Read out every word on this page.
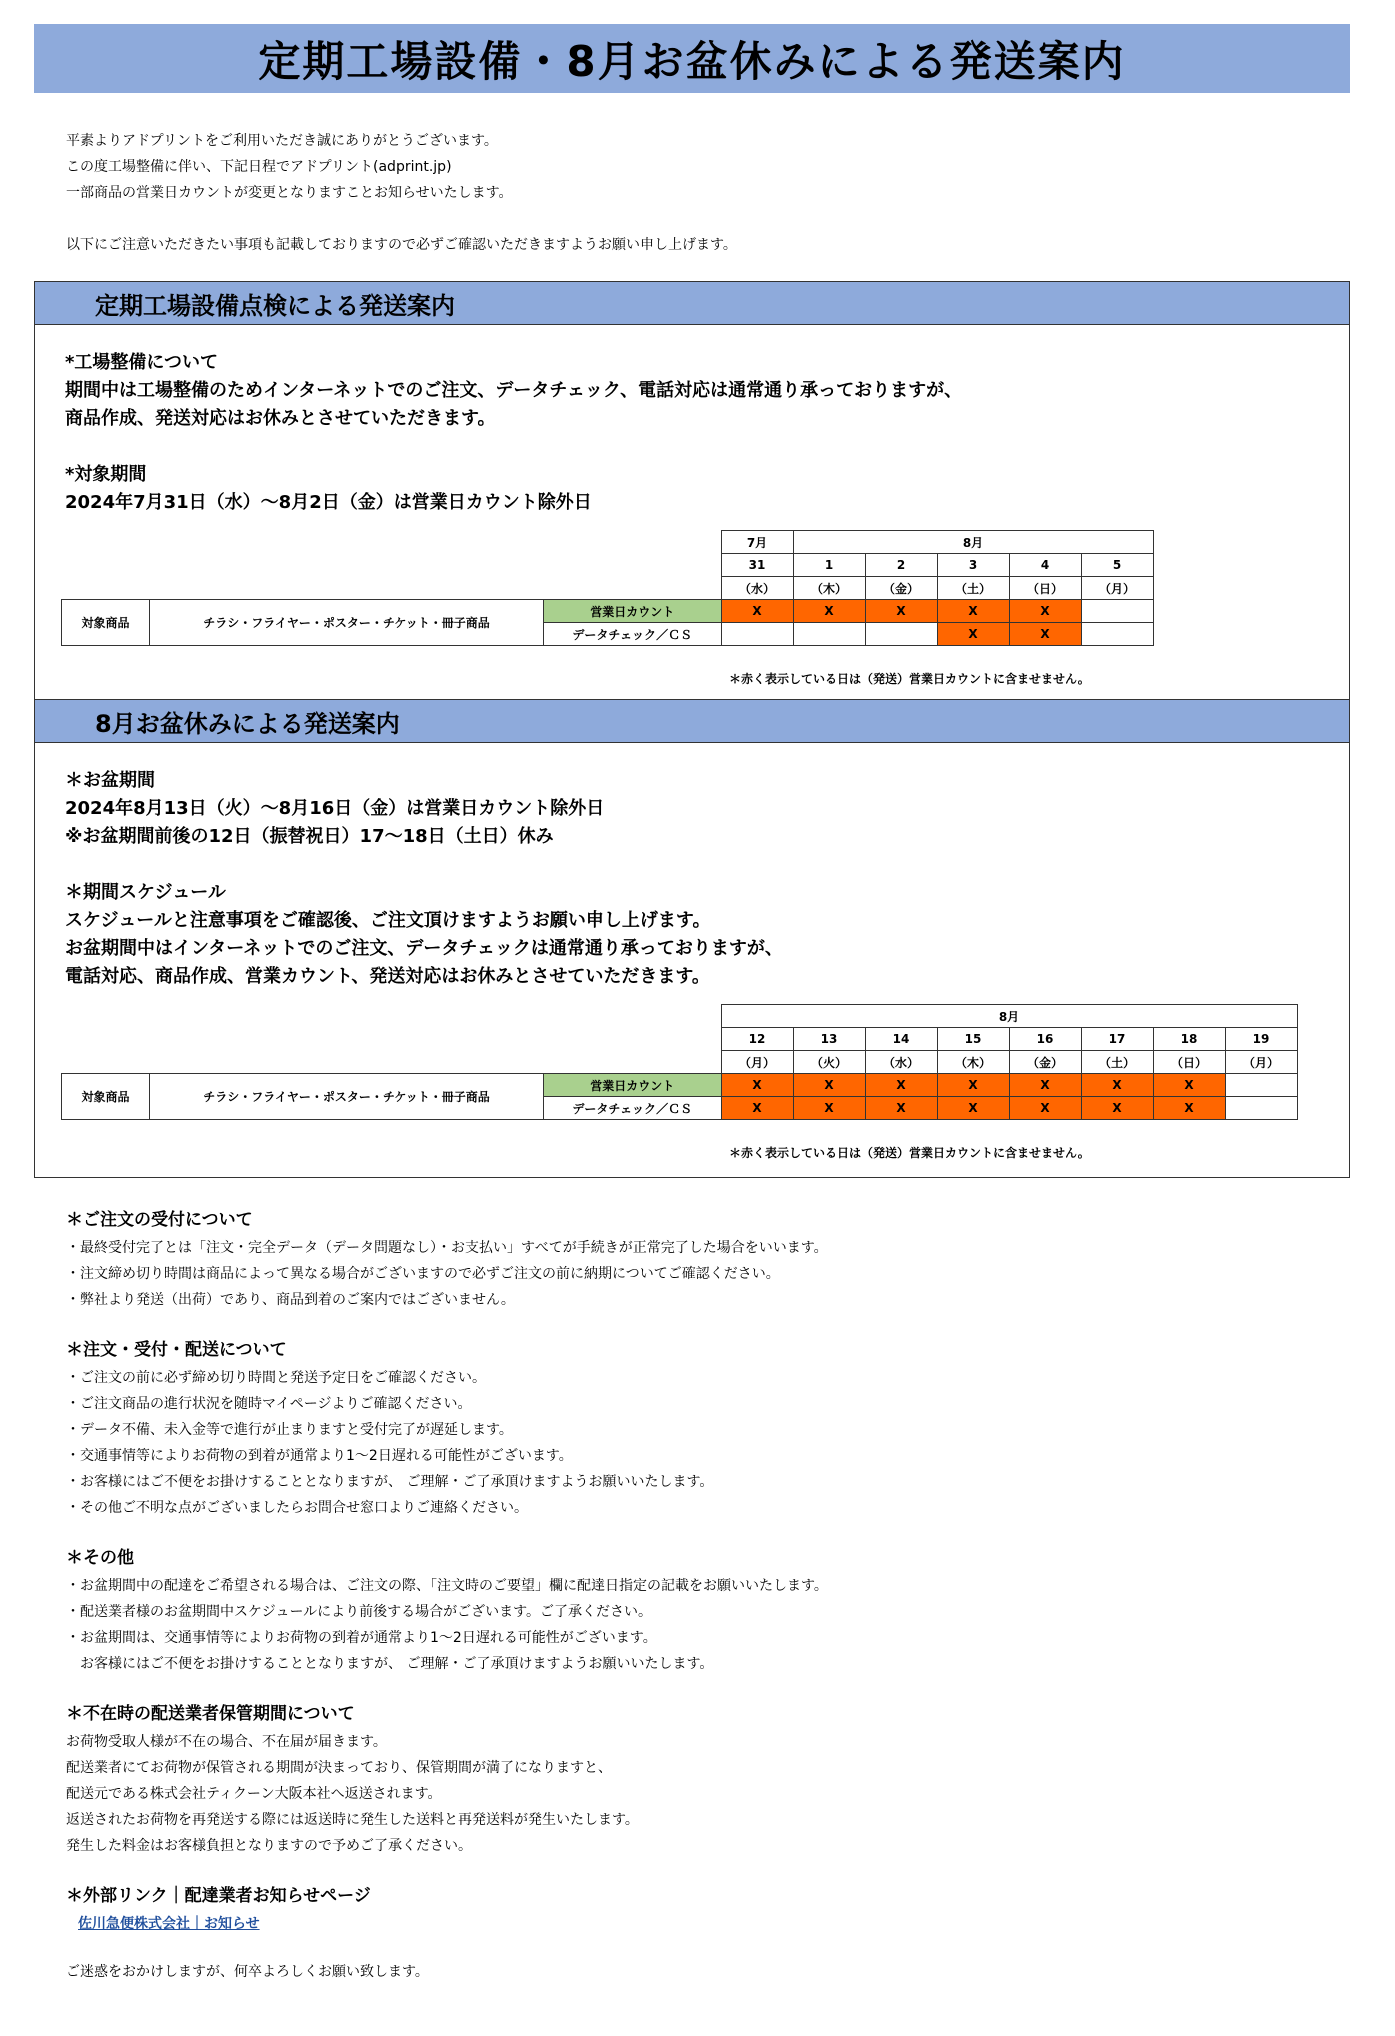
定期工場設備・8月お盆休みによる発送案内

平素よりアドプリントをご利用いただき誠にありがとうございます。

この度工場整備に伴い、下記日程でアドプリント(adprint.jp)

一部商品の営業日カウントが変更となりますことお知らせいたします。

以下にご注意いただきたい事項も記載しておりますので必ずご確認いただきますようお願い申し上げます。

定期工場設備点検による発送案内

*工場整備について

期間中は工場整備のためインターネットでのご注文、データチェック、電話対応は通常通り承っておりますが、

商品作成、発送対応はお休みとさせていただきます。

*対象期間

2024年7月31日（水）～8月2日（金）は営業日カウント除外日

			7月	8月				
			31	1	2	3	4	5
			（水）	（木）	（金）	（土）	（日）	（月）
対象商品	チラシ・フライヤー・ポスター・チケット・冊子商品	営業日カウント	X	X	X	X	X	
		データチェック／ＣＳ				X	X	
＊赤く表示している日は（発送）営業日カウントに含ませません。
8月お盆休みによる発送案内

＊お盆期間

2024年8月13日（火）～8月16日（金）は営業日カウント除外日

※お盆期間前後の12日（振替祝日）17～18日（土日）休み

＊期間スケジュール

スケジュールと注意事項をご確認後、ご注文頂けますようお願い申し上げます。

お盆期間中はインターネットでのご注文、データチェックは通常通り承っておりますが、

電話対応、商品作成、営業カウント、発送対応はお休みとさせていただきます。

			8月							
			12	13	14	15	16	17	18	19
			（月）	（火）	（水）	（木）	（金）	（土）	（日）	（月）
対象商品	チラシ・フライヤー・ポスター・チケット・冊子商品	営業日カウント	X	X	X	X	X	X	X	
		データチェック／ＣＳ	X	X	X	X	X	X	X	
＊赤く表示している日は（発送）営業日カウントに含ませません。

＊ご注文の受付について

・最終受付完了とは「注文・完全データ（データ問題なし）・お支払い」すべてが手続きが正常完了した場合をいいます。

・注文締め切り時間は商品によって異なる場合がございますので必ずご注文の前に納期についてご確認ください。

・弊社より発送（出荷）であり、商品到着のご案内ではございません。

＊注文・受付・配送について

・ご注文の前に必ず締め切り時間と発送予定日をご確認ください。

・ご注文商品の進行状況を随時マイページよりご確認ください。

・データ不備、未入金等で進行が止まりますと受付完了が遅延します。

・交通事情等によりお荷物の到着が通常より1～2日遅れる可能性がございます。

・お客様にはご不便をお掛けすることとなりますが、 ご理解・ご了承頂けますようお願いいたします。

・その他ご不明な点がございましたらお問合せ窓口よりご連絡ください。

＊その他

・お盆期間中の配達をご希望される場合は、ご注文の際、「注文時のご要望」欄に配達日指定の記載をお願いいたします。

・配送業者様のお盆期間中スケジュールにより前後する場合がございます。ご了承ください。

・お盆期間は、交通事情等によりお荷物の到着が通常より1～2日遅れる可能性がございます。

　お客様にはご不便をお掛けすることとなりますが、 ご理解・ご了承頂けますようお願いいたします。

＊不在時の配送業者保管期間について

お荷物受取人様が不在の場合、不在届が届きます。

配送業者にてお荷物が保管される期間が決まっており、保管期間が満了になりますと、

配送元である株式会社ティクーン大阪本社へ返送されます。

返送されたお荷物を再発送する際には返送時に発生した送料と再発送料が発生いたします。

発生した料金はお客様負担となりますので予めご了承ください。

＊外部リンク｜配達業者お知らせページ

佐川急便株式会社｜お知らせ

ご迷惑をおかけしますが、何卒よろしくお願い致します。
